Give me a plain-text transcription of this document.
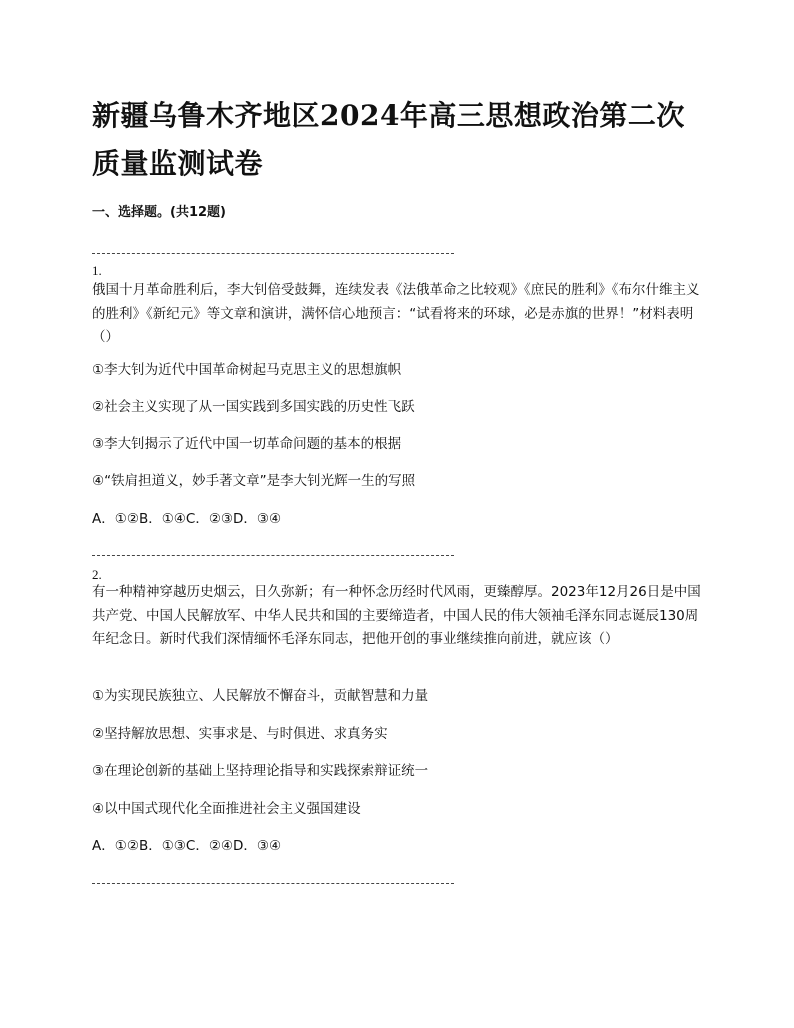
新疆乌鲁木齐地区2024年高三思想政治第二次质量监测试卷
一、选择题。(共12题)
1.

俄国十月革命胜利后，李大钊倍受鼓舞，连续发表《法俄革命之比较观》《庶民的胜利》《布尔什维主义的胜利》《新纪元》等文章和演讲，满怀信心地预言：“试看将来的环球，必是赤旗的世界！”材料表明（）

①李大钊为近代中国革命树起马克思主义的思想旗帜

②社会主义实现了从一国实践到多国实践的历史性飞跃

③李大钊揭示了近代中国一切革命问题的基本的根据

④“铁肩担道义，妙手著文章”是李大钊光辉一生的写照

A．①②B．①④C．②③D．③④

2.

有一种精神穿越历史烟云，日久弥新；有一种怀念历经时代风雨，更臻醇厚。2023年12月26日是中国共产党、中国人民解放军、中华人民共和国的主要缔造者，中国人民的伟大领袖毛泽东同志诞辰130周年纪念日。新时代我们深情缅怀毛泽东同志，把他开创的事业继续推向前进，就应该（）

①为实现民族独立、人民解放不懈奋斗，贡献智慧和力量

②坚持解放思想、实事求是、与时俱进、求真务实

③在理论创新的基础上坚持理论指导和实践探索辩证统一

④以中国式现代化全面推进社会主义强国建设

A．①②B．①③C．②④D．③④
